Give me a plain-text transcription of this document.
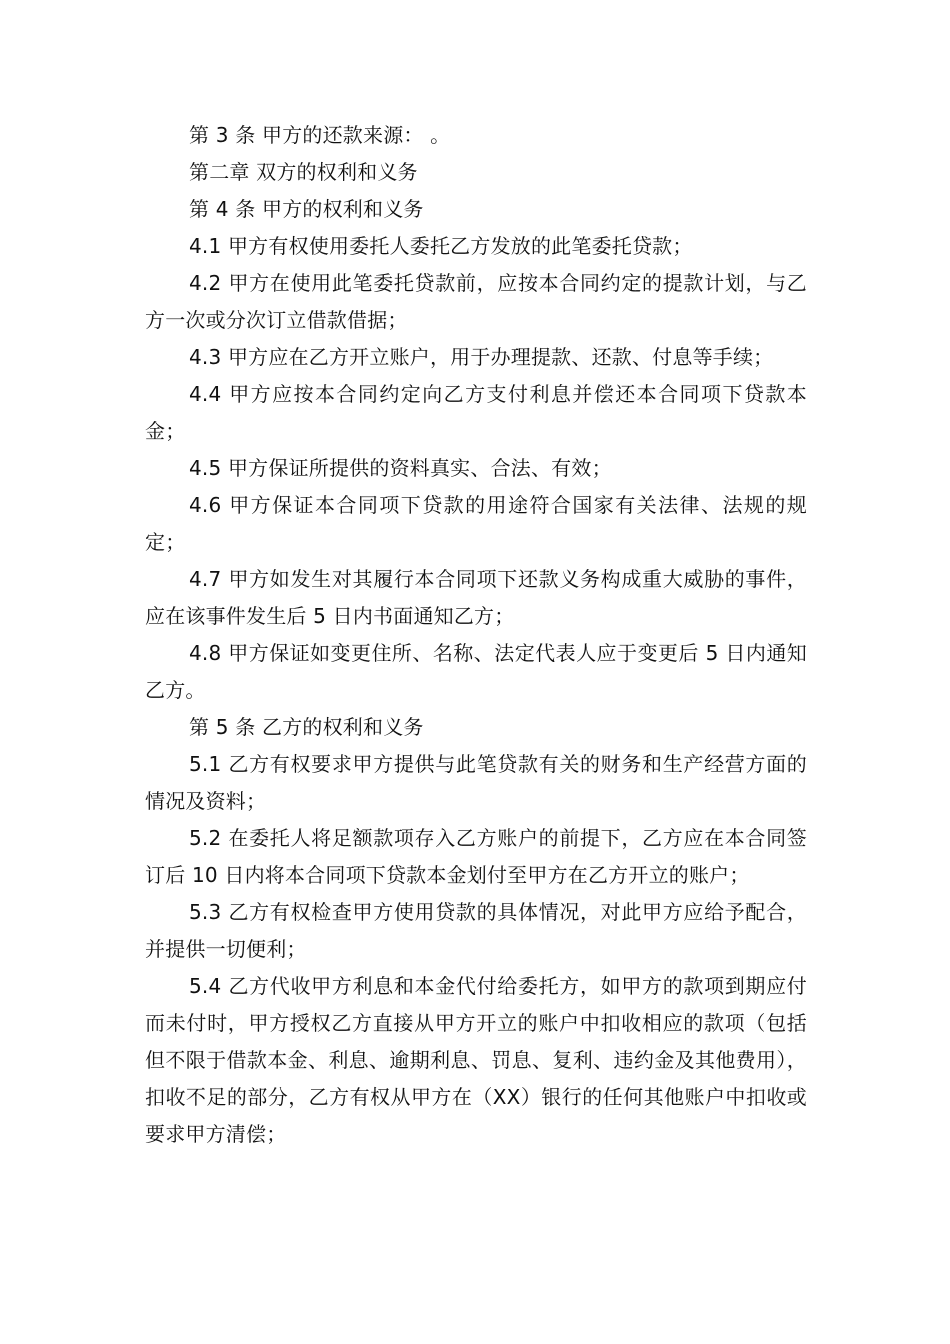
第 3 条 甲方的还款来源： 。

第二章 双方的权利和义务

第 4 条 甲方的权利和义务

4.1 甲方有权使用委托人委托乙方发放的此笔委托贷款；

4.2 甲方在使用此笔委托贷款前，应按本合同约定的提款计划，与乙方一次或分次订立借款借据；

4.3 甲方应在乙方开立账户，用于办理提款、还款、付息等手续；

4.4 甲方应按本合同约定向乙方支付利息并偿还本合同项下贷款本金；

4.5 甲方保证所提供的资料真实、合法、有效；

4.6 甲方保证本合同项下贷款的用途符合国家有关法律、法规的规定；

4.7 甲方如发生对其履行本合同项下还款义务构成重大威胁的事件，应在该事件发生后 5 日内书面通知乙方；

4.8 甲方保证如变更住所、名称、法定代表人应于变更后 5 日内通知乙方。

第 5 条 乙方的权利和义务

5.1 乙方有权要求甲方提供与此笔贷款有关的财务和生产经营方面的情况及资料；

5.2 在委托人将足额款项存入乙方账户的前提下，乙方应在本合同签订后 10 日内将本合同项下贷款本金划付至甲方在乙方开立的账户；

5.3 乙方有权检查甲方使用贷款的具体情况，对此甲方应给予配合，并提供一切便利；

5.4 乙方代收甲方利息和本金代付给委托方，如甲方的款项到期应付而未付时，甲方授权乙方直接从甲方开立的账户中扣收相应的款项（包括但不限于借款本金、利息、逾期利息、罚息、复利、违约金及其他费用），扣收不足的部分，乙方有权从甲方在（XX）银行的任何其他账户中扣收或要求甲方清偿；
